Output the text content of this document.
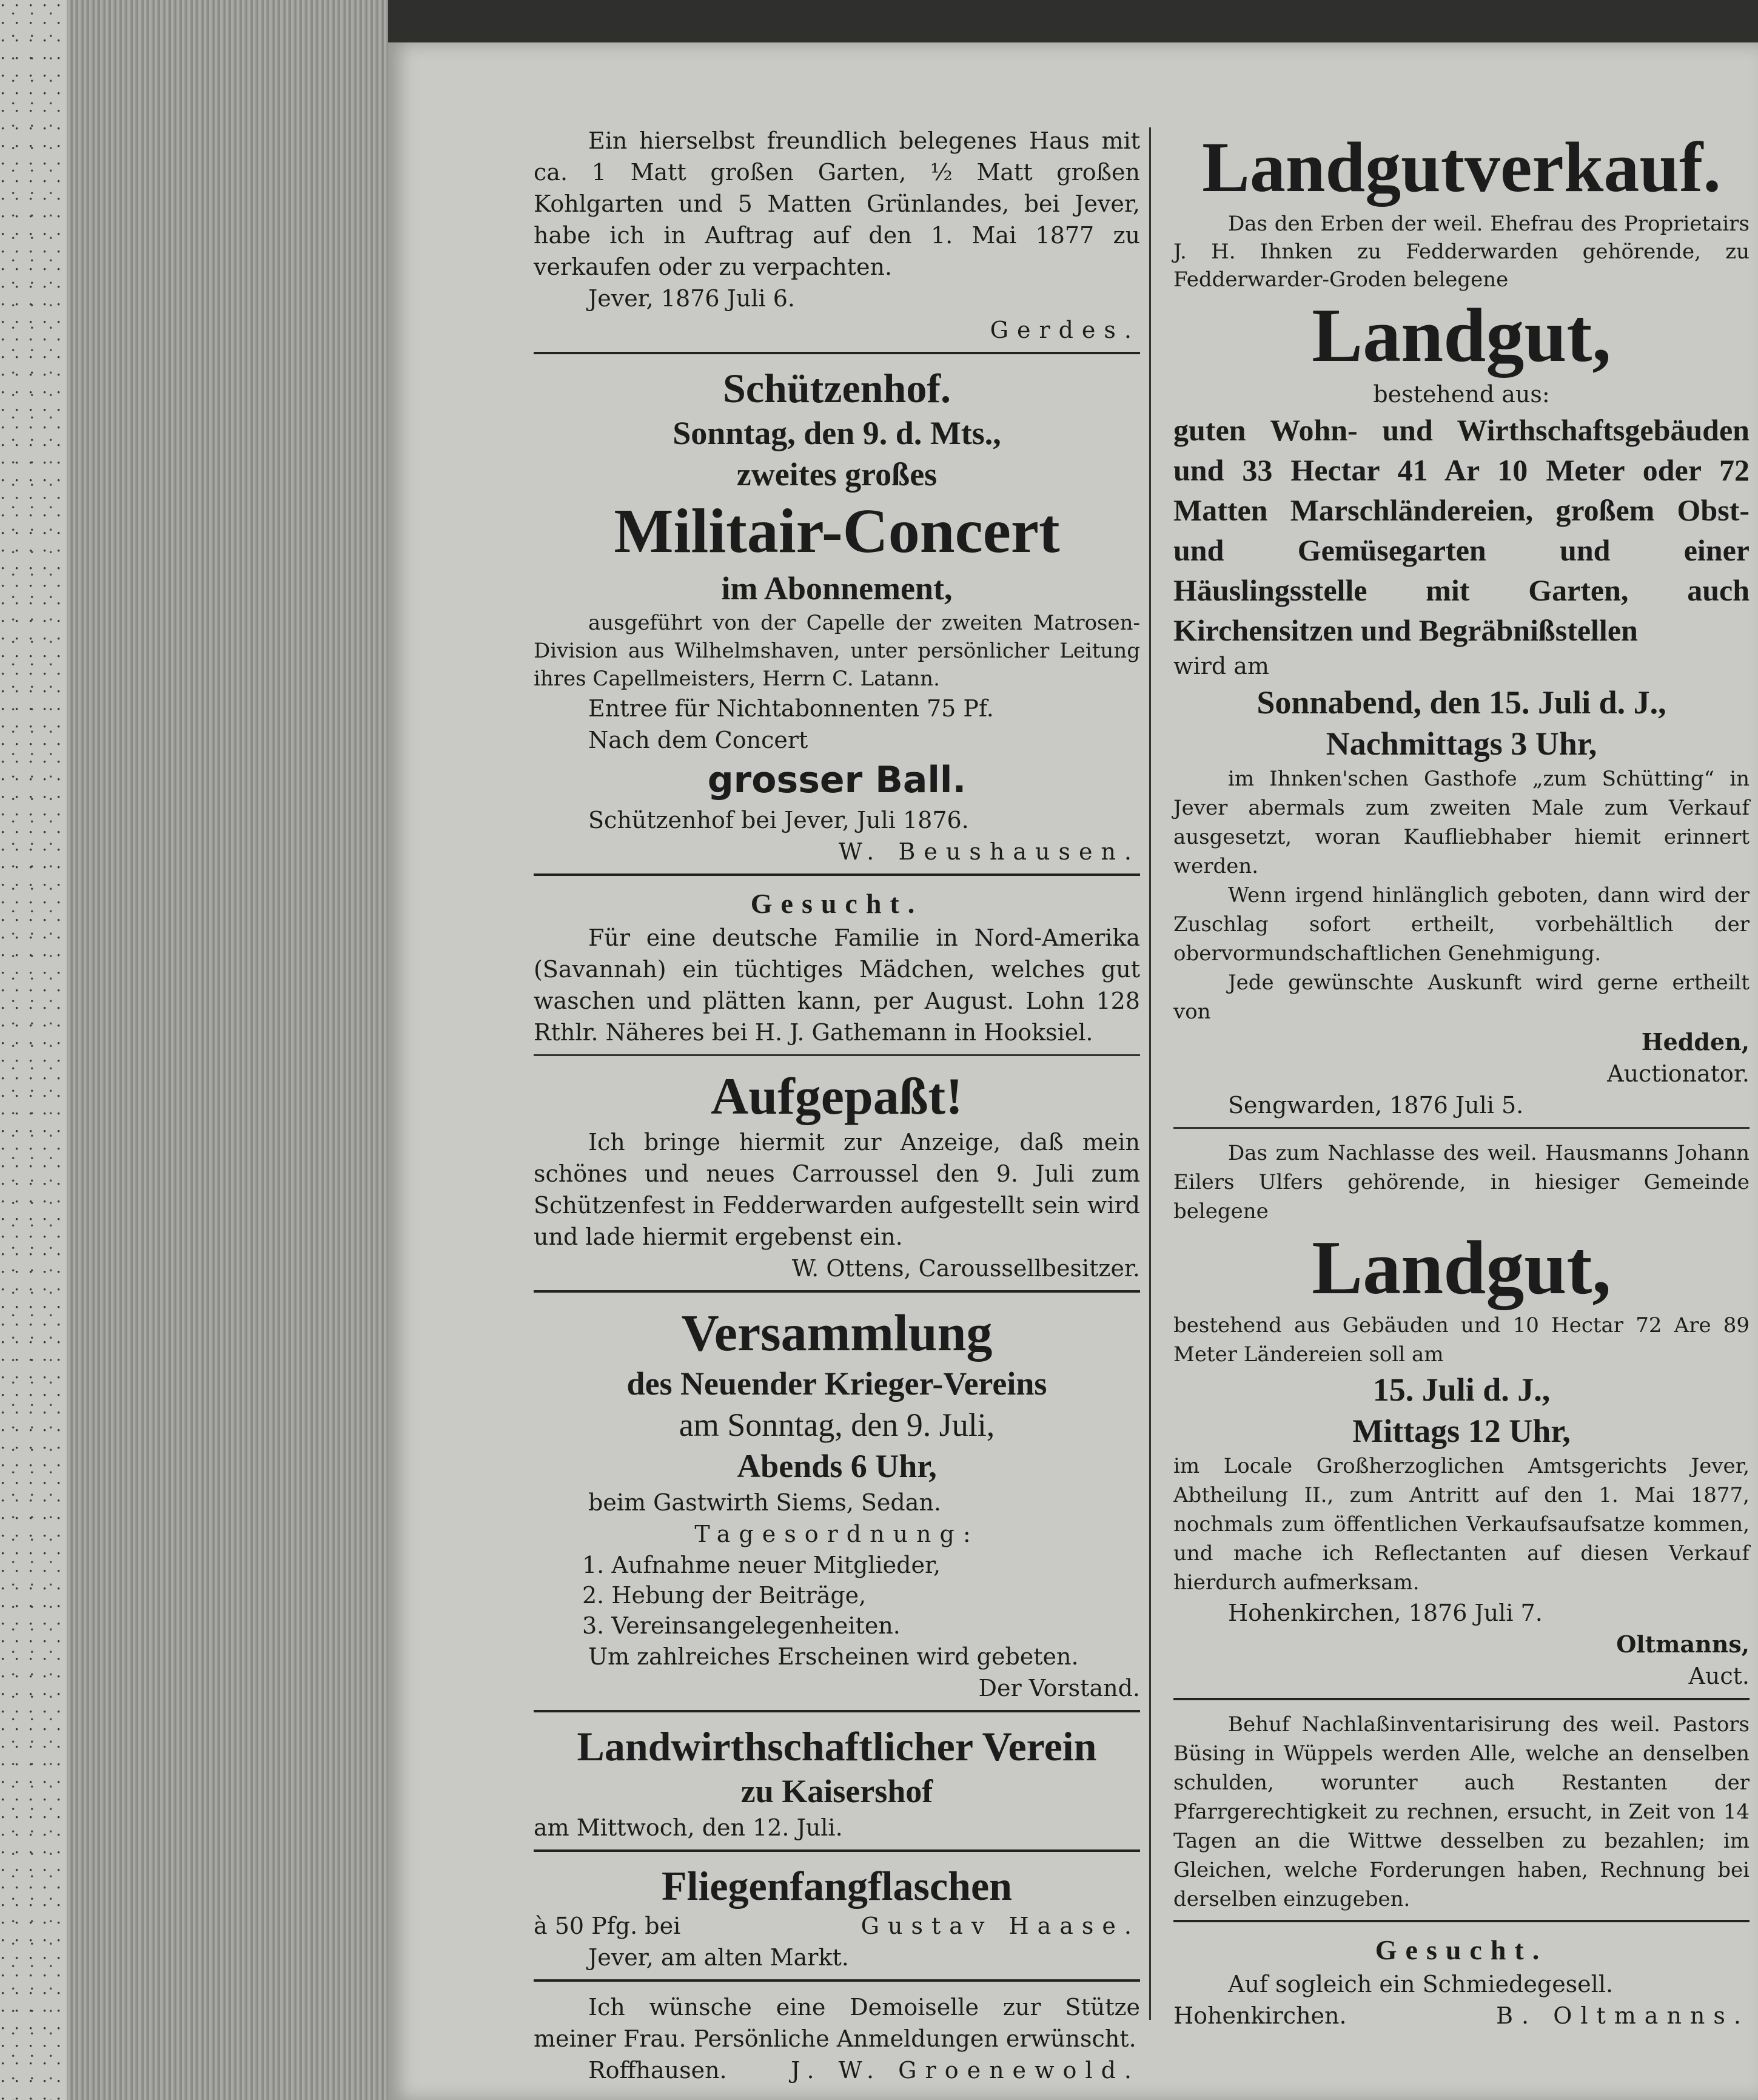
Ein hierselbst freundlich belegenes Haus mit ca. 1 Matt großen Garten, ½ Matt großen Kohlgarten und 5 Matten Grünlandes, bei Jever, habe ich in Auftrag auf den 1. Mai 1877 zu verkaufen oder zu verpachten.

Jever, 1876 Juli 6.

Gerdes.

Schützenhof.

Sonntag, den 9. d. Mts.,

zweites großes

Militair-Concert

im Abonnement,

ausgeführt von der Capelle der zweiten Matrosen-Division aus Wilhelmshaven, unter persönlicher Leitung ihres Capellmeisters, Herrn C. Latann.

Entree für Nichtabonnenten 75 Pf.

Nach dem Concert

grosser Ball.

Schützenhof bei Jever, Juli 1876.

W. Beushausen.

Gesucht.

Für eine deutsche Familie in Nord-Amerika (Savannah) ein tüchtiges Mädchen, welches gut waschen und plätten kann, per August. Lohn 128 Rthlr. Näheres bei H. J. Gathemann in Hooksiel.

Aufgepaßt!

Ich bringe hiermit zur Anzeige, daß mein schönes und neues Carroussel den 9. Juli zum Schützenfest in Fedderwarden aufgestellt sein wird und lade hiermit ergebenst ein.

W. Ottens, Caroussellbesitzer.

Versammlung

des Neuender Krieger-Vereins

am Sonntag, den 9. Juli,

Abends 6 Uhr,

beim Gastwirth Siems, Sedan.

Tagesordnung:

1. Aufnahme neuer Mitglieder,

2. Hebung der Beiträge,

3. Vereinsangelegenheiten.

Um zahlreiches Erscheinen wird gebeten.

Der Vorstand.

Landwirthschaftlicher Verein

zu Kaisershof

am Mittwoch, den 12. Juli.

Fliegenfangflaschen

à 50 Pfg. bei	Gustav Haase.

Jever, am alten Markt.

Ich wünsche eine Demoiselle zur Stütze meiner Frau. Persönliche Anmeldungen erwünscht.

Roffhausen.	J. W. Groenewold.

Landgutverkauf.

Das den Erben der weil. Ehefrau des Proprietairs J. H. Ihnken zu Fedderwarden gehörende, zu Fedderwarder-Groden belegene

Landgut,

bestehend aus:

guten Wohn- und Wirthschaftsgebäuden und 33 Hectar 41 Ar 10 Meter oder 72 Matten Marschländereien, großem Obst- und Gemüsegarten und einer Häuslingsstelle mit Garten, auch Kirchensitzen und Begräbnißstellen

wird am

Sonnabend, den 15. Juli d. J.,

Nachmittags 3 Uhr,

im Ihnken'schen Gasthofe „zum Schütting“ in Jever abermals zum zweiten Male zum Verkauf ausgesetzt, woran Kaufliebhaber hiemit erinnert werden.

Wenn irgend hinlänglich geboten, dann wird der Zuschlag sofort ertheilt, vorbehältlich der obervormundschaftlichen Genehmigung.

Jede gewünschte Auskunft wird gerne ertheilt von

Hedden,

Auctionator.

Sengwarden, 1876 Juli 5.

Das zum Nachlasse des weil. Hausmanns Johann Eilers Ulfers gehörende, in hiesiger Gemeinde belegene

Landgut,

bestehend aus Gebäuden und 10 Hectar 72 Are 89 Meter Ländereien soll am

15. Juli d. J.,

Mittags 12 Uhr,

im Locale Großherzoglichen Amtsgerichts Jever, Abtheilung II., zum Antritt auf den 1. Mai 1877, nochmals zum öffentlichen Verkaufsaufsatze kommen, und mache ich Reflectanten auf diesen Verkauf hierdurch aufmerksam.

Hohenkirchen, 1876 Juli 7.

Oltmanns,

Auct.

Behuf Nachlaßinventarisirung des weil. Pastors Büsing in Wüppels werden Alle, welche an denselben schulden, worunter auch Restanten der Pfarrgerechtigkeit zu rechnen, ersucht, in Zeit von 14 Tagen an die Wittwe desselben zu bezahlen; im Gleichen, welche Forderungen haben, Rechnung bei derselben einzugeben.

Gesucht.

Auf sogleich ein Schmiedegesell.

Hohenkirchen.	B. Oltmanns.
